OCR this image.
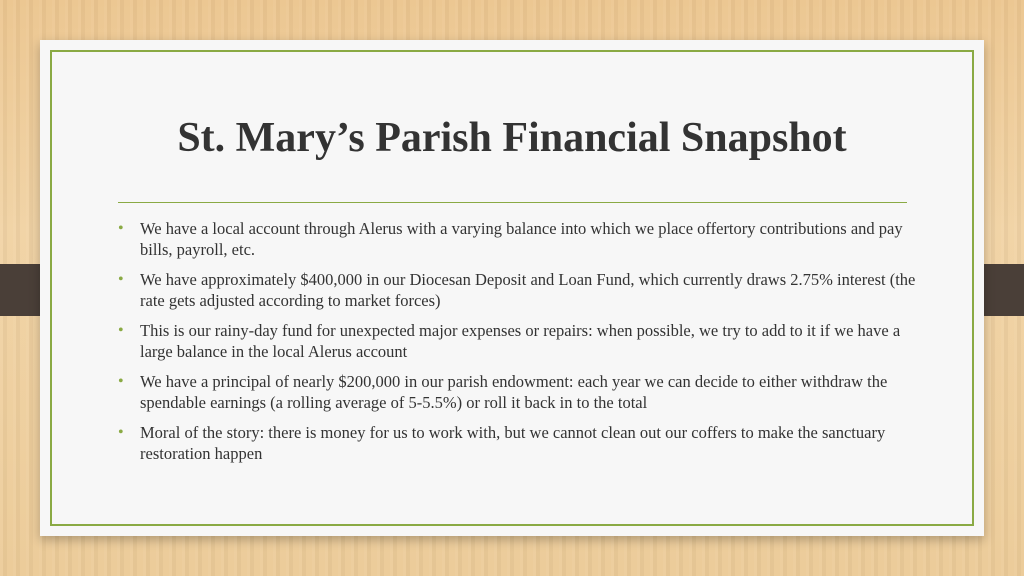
St. Mary’s Parish Financial Snapshot
• We have a local account through Alerus with a varying balance into which we place offertory contributions and pay bills, payroll, etc.
• We have approximately $400,000 in our Diocesan Deposit and Loan Fund, which currently draws 2.75% interest (the rate gets adjusted according to market forces)
• This is our rainy-day fund for unexpected major expenses or repairs: when possible, we try to add to it if we have a large balance in the local Alerus account
• We have a principal of nearly $200,000 in our parish endowment: each year we can decide to either withdraw the spendable earnings (a rolling average of 5-5.5%) or roll it back in to the total
• Moral of the story: there is money for us to work with, but we cannot clean out our coffers to make the sanctuary restoration happen
